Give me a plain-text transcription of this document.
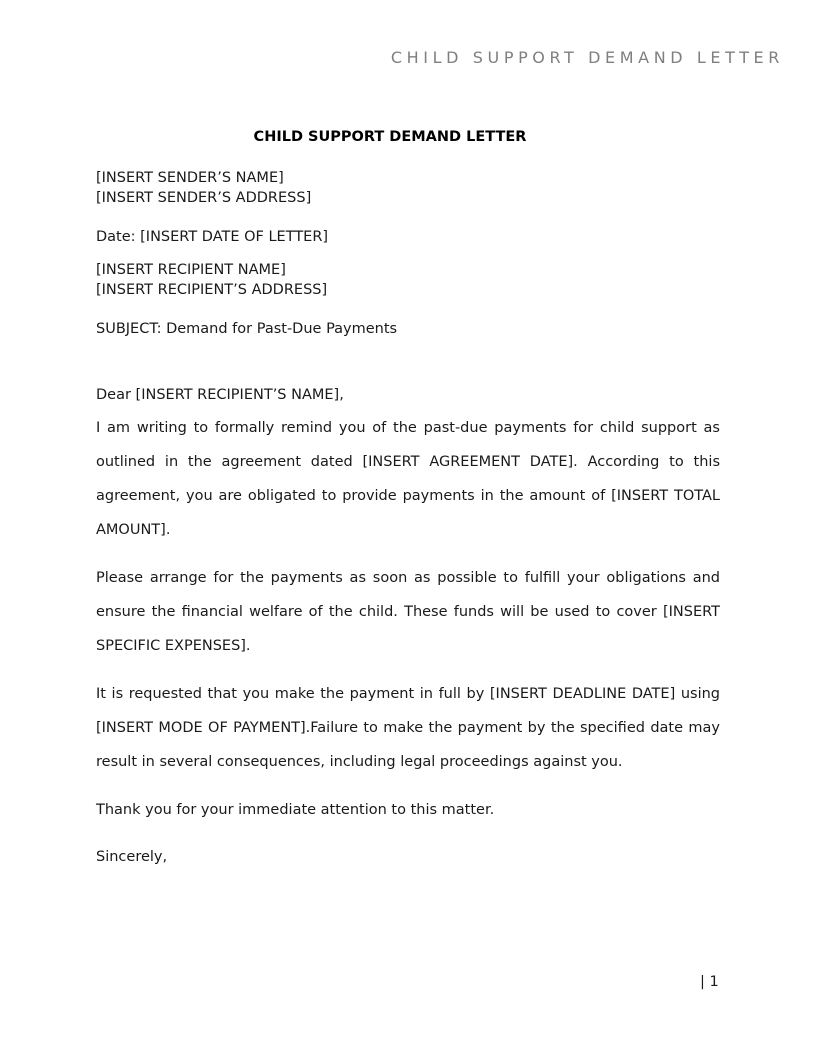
CHILD SUPPORT DEMAND LETTER
CHILD SUPPORT DEMAND LETTER
[INSERT SENDER’S NAME]
[INSERT SENDER’S ADDRESS]
Date: [INSERT DATE OF LETTER]
[INSERT RECIPIENT NAME]
[INSERT RECIPIENT’S ADDRESS]
SUBJECT: Demand for Past-Due Payments
Dear [INSERT RECIPIENT’S NAME],
I am writing to formally remind you of the past-due payments for child support as outlined in the agreement dated [INSERT AGREEMENT DATE]. According to this agreement, you are obligated to provide payments in the amount of [INSERT TOTAL AMOUNT].
Please arrange for the payments as soon as possible to fulfill your obligations and ensure the financial welfare of the child. These funds will be used to cover [INSERT SPECIFIC EXPENSES].
It is requested that you make the payment in full by [INSERT DEADLINE DATE] using [INSERT MODE OF PAYMENT].Failure to make the payment by the specified date may result in several consequences, including legal proceedings against you.
Thank you for your immediate attention to this matter.
Sincerely,
| 1
